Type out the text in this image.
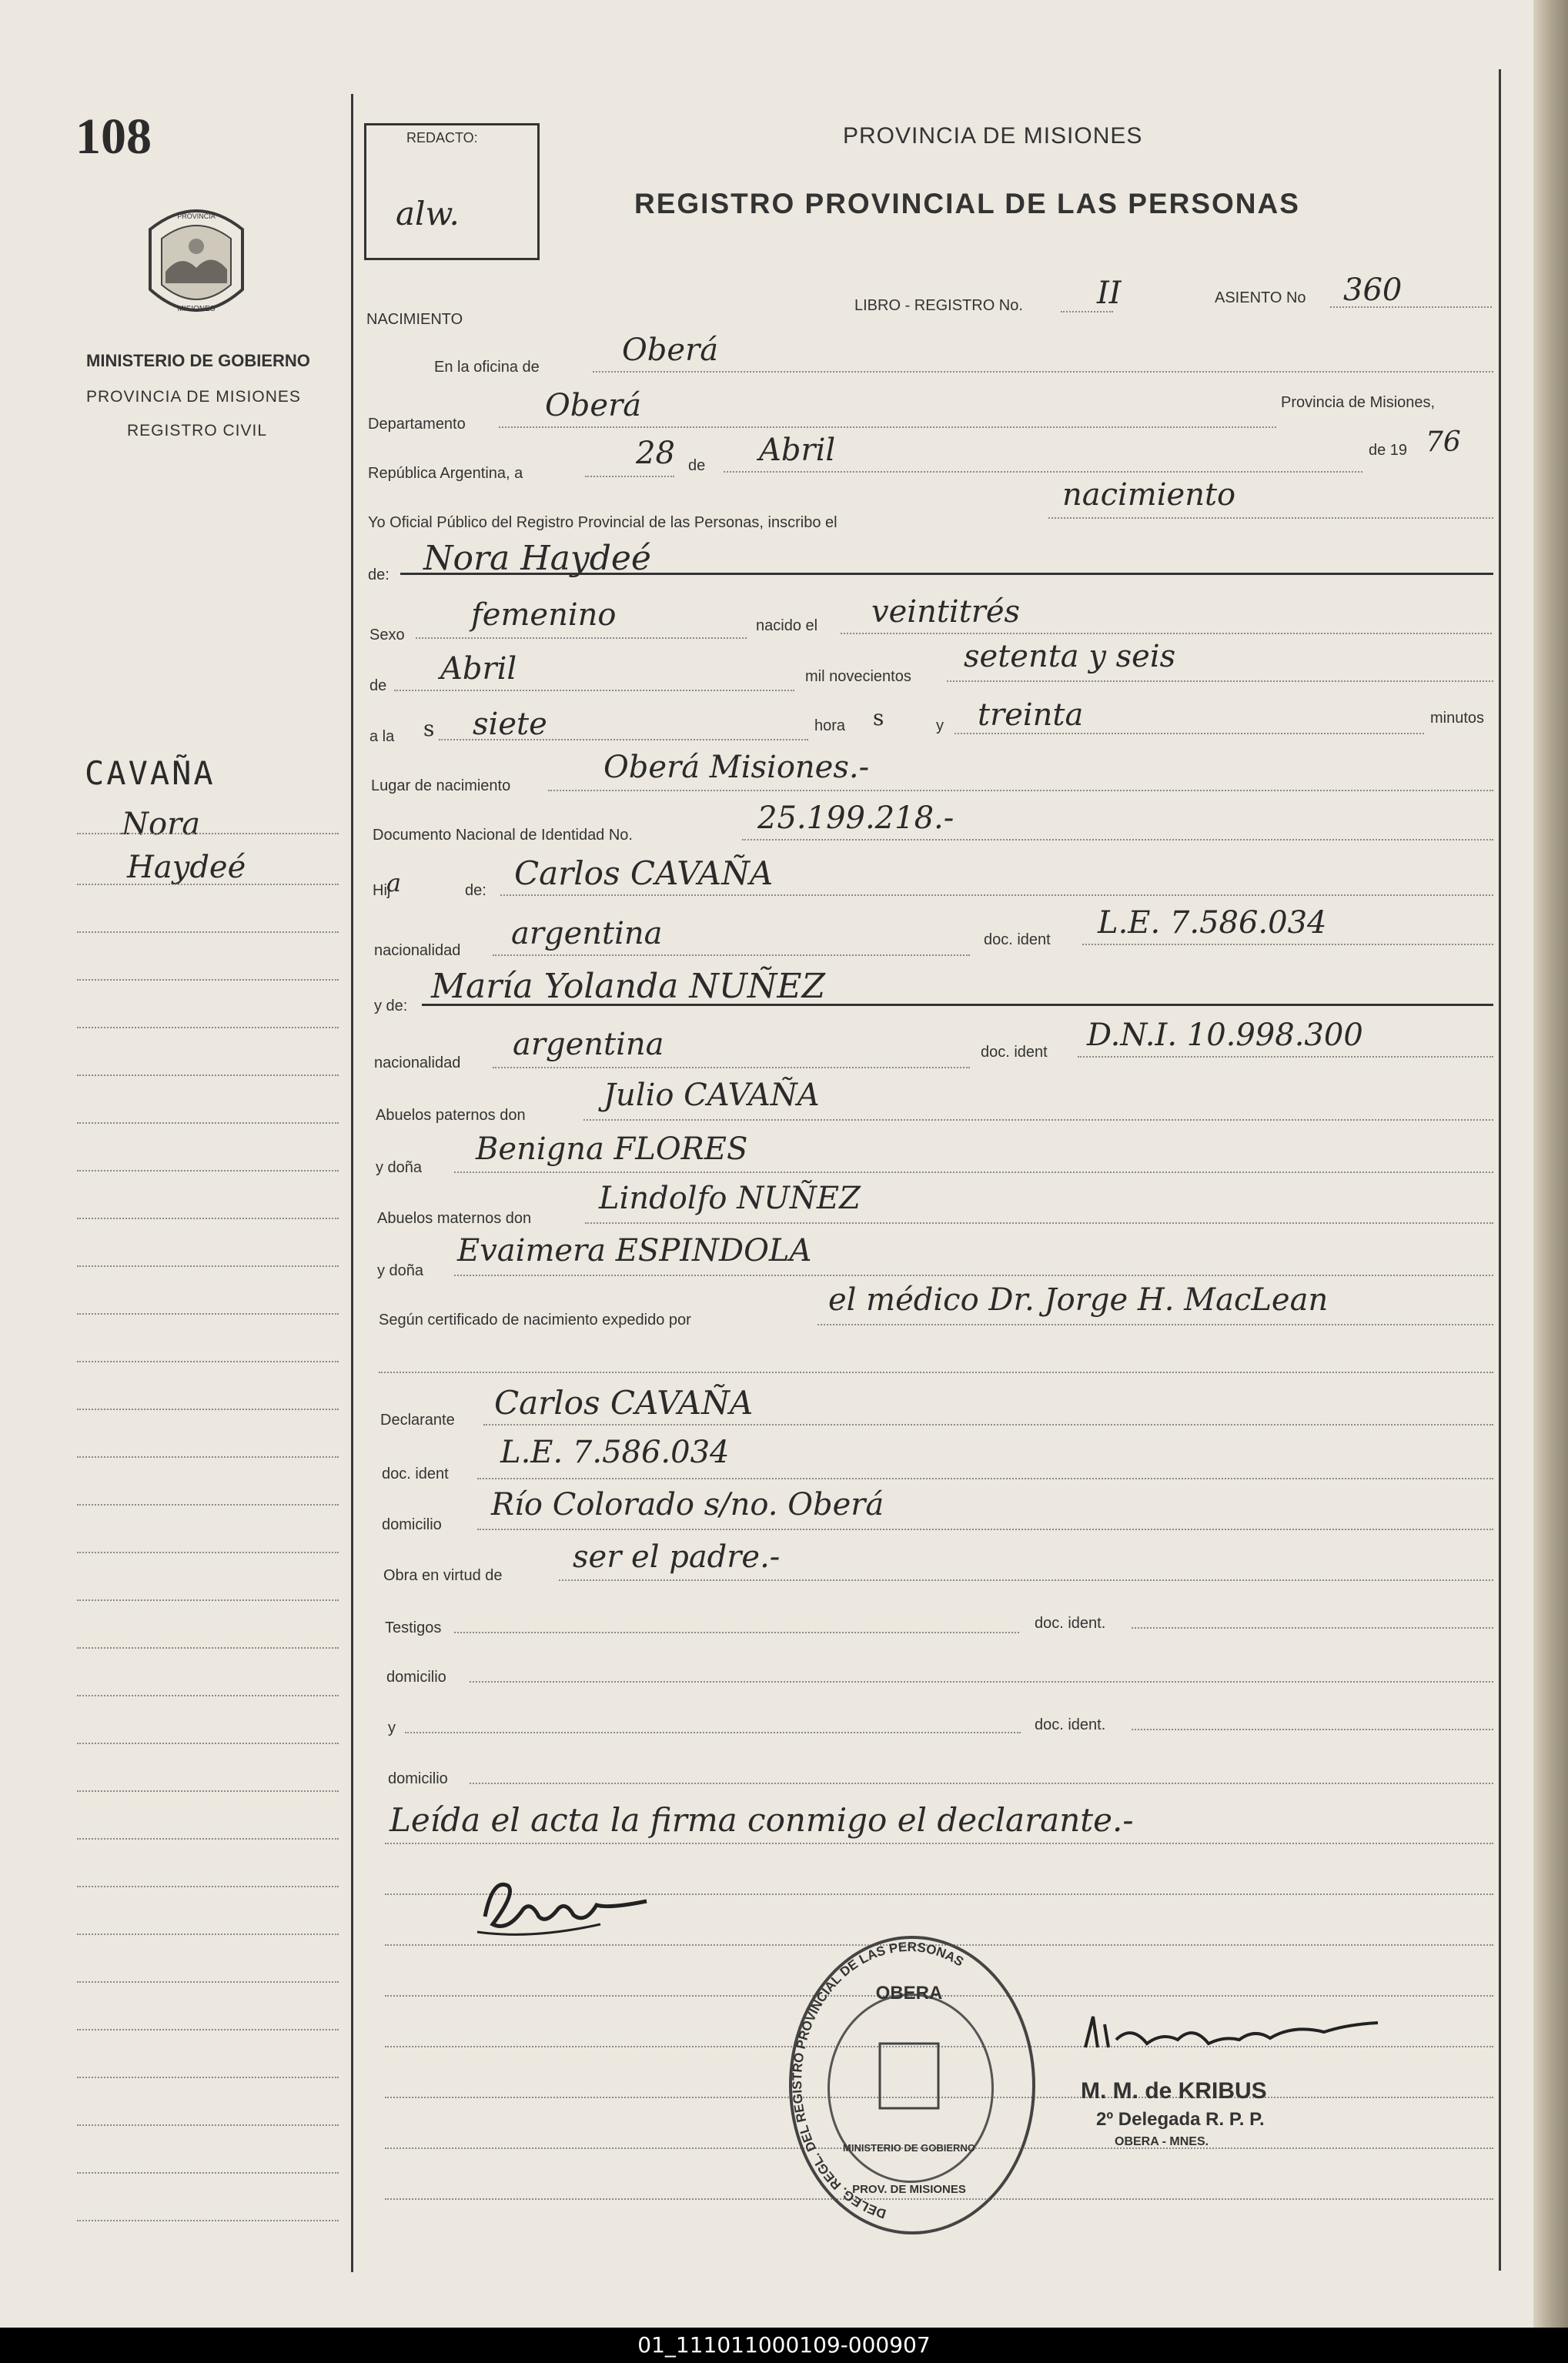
108
PROVINCIA
MISIONES
MINISTERIO DE GOBIERNO
PROVINCIA DE MISIONES
REGISTRO CIVIL
CAVAÑA
Nora
Haydeé
REDACTO:
alw.
PROVINCIA DE MISIONES
REGISTRO PROVINCIAL DE LAS PERSONAS
NACIMIENTO
LIBRO - REGISTRO No. II	ASIENTO No 360
En la oficina de	Oberá
Departamento
Oberá	Provincia de Misiones,
República Argentina, a
28 de Abril	de 19 76
Yo Oficial Público del Registro Provincial de las Personas, inscribo el
nacimiento
de: Nora Haydeé
Sexo
femenino	nacido el veintitrés
de Abril	mil novecientos
setenta y seis
a la s siete	hora s	y treinta	minutos
Lugar de nacimiento
Oberá Misiones.-
Documento Nacional de Identidad No.	25.199.218.-
Hij
a	de: Carlos CAVAÑA
nacionalidad argentina	doc. ident L.E. 7.586.034
y de: María Yolanda NUÑEZ
nacionalidad
argentina	doc. ident D.N.I. 10.998.300
Abuelos paternos don
Julio CAVAÑA
y doña
Benigna FLORES
Abuelos maternos don
Lindolfo NUÑEZ
y doña
Evaimera ESPINDOLA
Según certificado de nacimiento expedido por
el médico Dr. Jorge H. MacLean
Declarante Carlos CAVAÑA
doc. ident
L.E. 7.586.034
domicilio
Río Colorado s/no. Oberá
Obra en virtud de
ser el padre.-
Testigos	doc. ident.
domicilio
y	doc. ident.
domicilio
Leída el acta la firma conmigo el declarante.-
DELEG. REGL. DEL REGISTRO PROVINCIAL DE LAS PERSONAS
OBERA
MINISTERIO DE GOBIERNO
PROV. DE MISIONES
M. M. de KRIBUS
2º Delegada R. P. P.
OBERA - MNES.
01_111011000109-000907
